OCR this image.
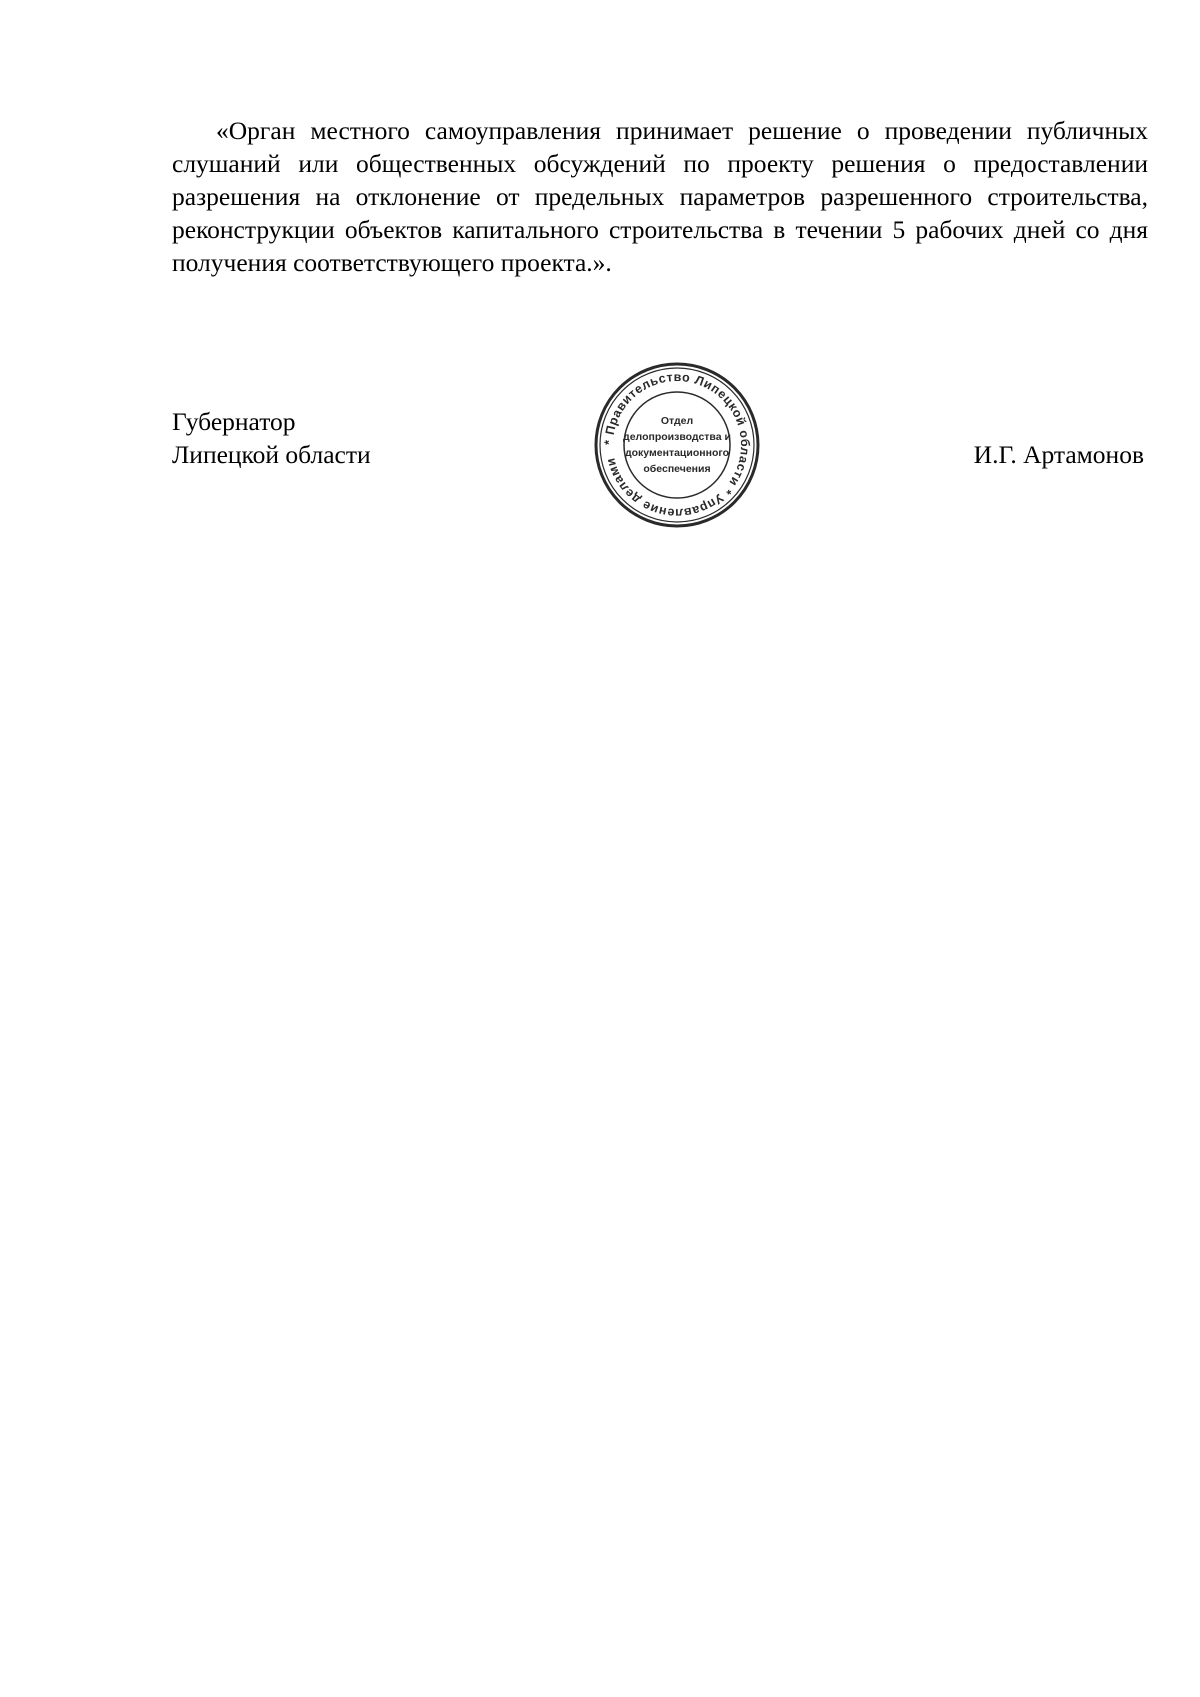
«Орган местного самоуправления принимает решение о проведении публичных слушаний или общественных обсуждений по проекту решения о предоставлении разрешения на отклонение от предельных параметров разрешенного строительства, реконструкции объектов капитального строительства в течении 5 рабочих дней со дня получения соответствующего проекта.».

Губернатор
Липецкой области	И.Г. Артамонов
* Правительство Липецкой области * Управление делами
Отдел
делопроизводства и
документационного
обеспечения
